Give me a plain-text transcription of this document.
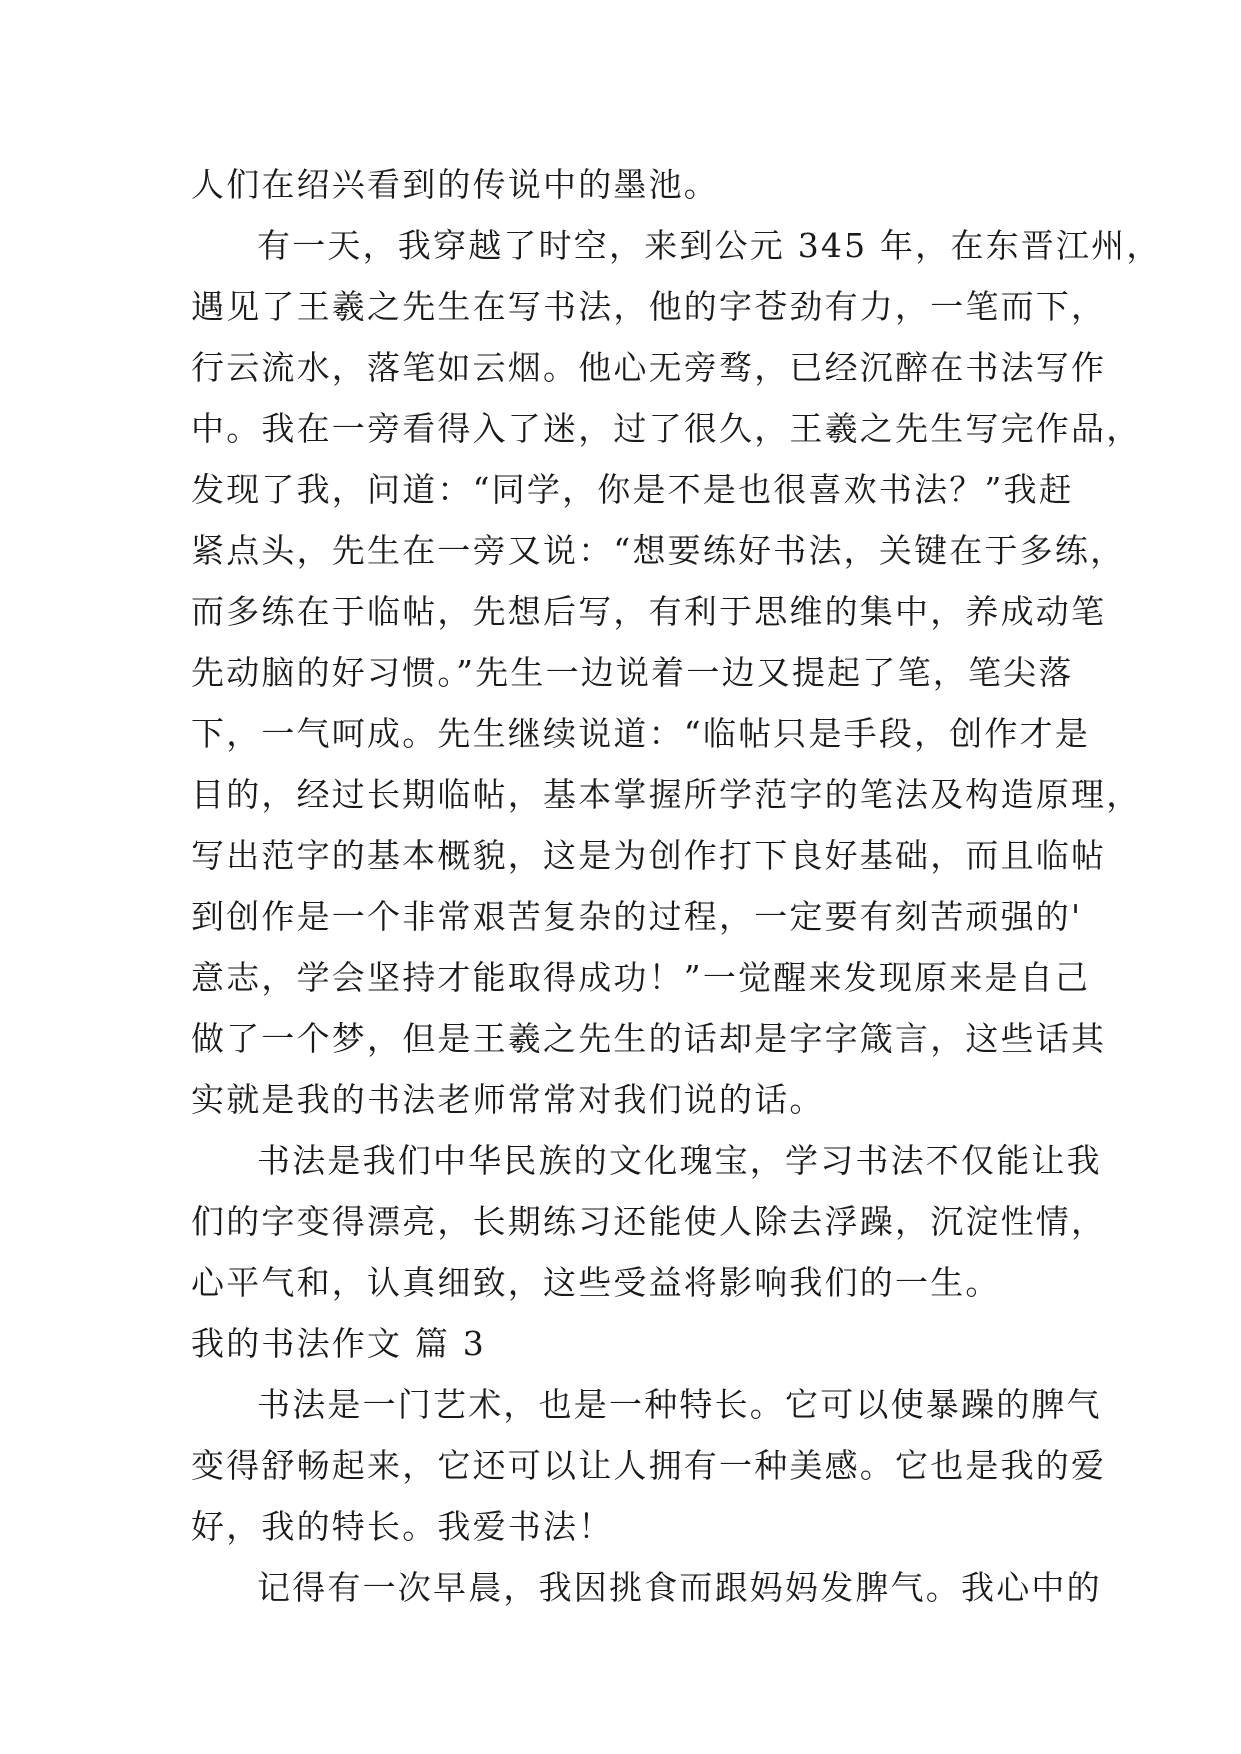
人们在绍兴看到的传说中的墨池。
有一天，我穿越了时空，来到公元 345 年，在东晋江州，
遇见了王羲之先生在写书法，他的字苍劲有力，一笔而下，
行云流水，落笔如云烟。他心无旁骛，已经沉醉在书法写作
中。我在一旁看得入了迷，过了很久，王羲之先生写完作品，
发现了我，问道：“同学，你是不是也很喜欢书法？”我赶
紧点头，先生在一旁又说：“想要练好书法，关键在于多练，
而多练在于临帖，先想后写，有利于思维的集中，养成动笔
先动脑的好习惯。”先生一边说着一边又提起了笔，笔尖落
下，一气呵成。先生继续说道：“临帖只是手段，创作才是
目的，经过长期临帖，基本掌握所学范字的笔法及构造原理，
写出范字的基本概貌，这是为创作打下良好基础，而且临帖
到创作是一个非常艰苦复杂的过程，一定要有刻苦顽强的'
意志，学会坚持才能取得成功！”一觉醒来发现原来是自己
做了一个梦，但是王羲之先生的话却是字字箴言，这些话其
实就是我的书法老师常常对我们说的话。
书法是我们中华民族的文化瑰宝，学习书法不仅能让我
们的字变得漂亮，长期练习还能使人除去浮躁，沉淀性情，
心平气和，认真细致，这些受益将影响我们的一生。
我的书法作文 篇 3
书法是一门艺术，也是一种特长。它可以使暴躁的脾气
变得舒畅起来，它还可以让人拥有一种美感。它也是我的爱
好，我的特长。我爱书法！
记得有一次早晨，我因挑食而跟妈妈发脾气。我心中的
